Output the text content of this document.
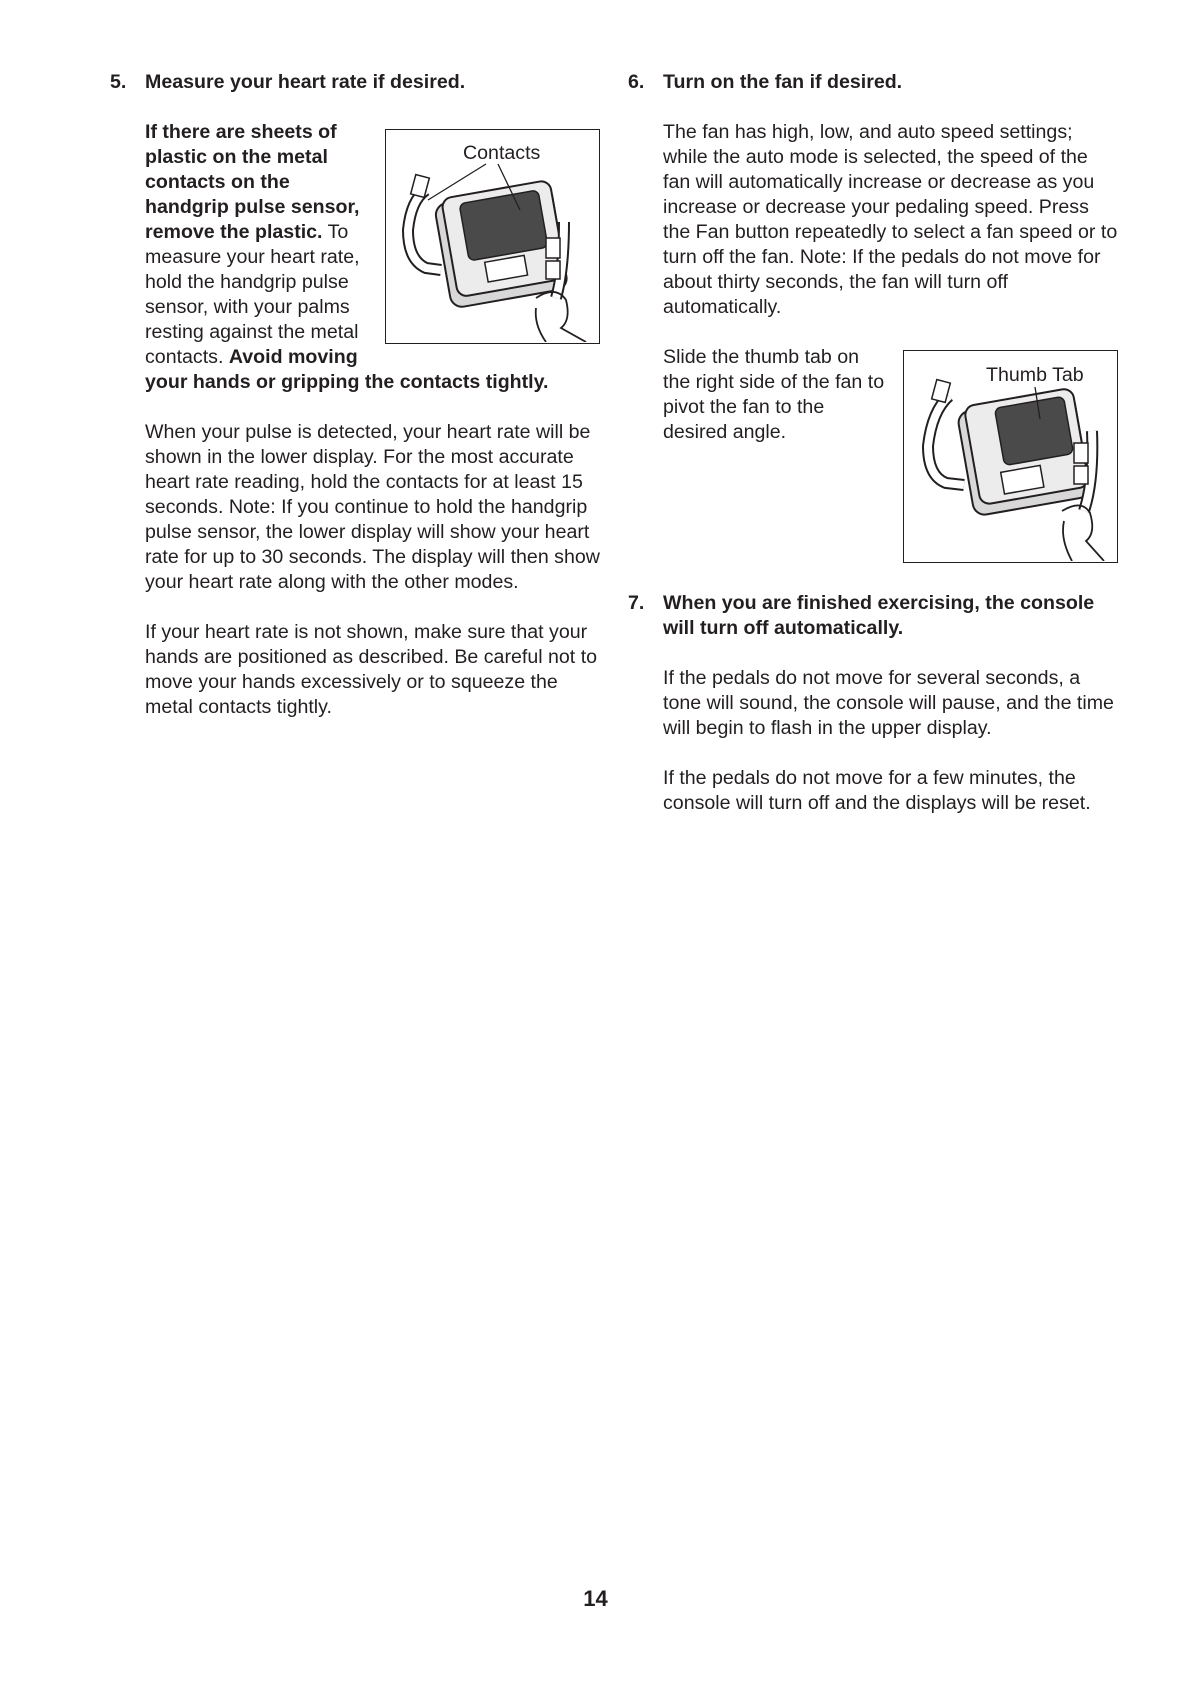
5. Measure your heart rate if desired.
Contacts

If there are sheets of plastic on the metal contacts on the handgrip pulse sensor, remove the plastic. To measure your heart rate, hold the handgrip pulse sensor, with your palms resting against the metal contacts. Avoid moving your hands or gripping the contacts tightly.

When your pulse is detected, your heart rate will be shown in the lower display. For the most accurate heart rate reading, hold the contacts for at least 15 seconds. Note: If you continue to hold the handgrip pulse sensor, the lower display will show your heart rate for up to 30 seconds. The display will then show your heart rate along with the other modes.

If your heart rate is not shown, make sure that your hands are positioned as described. Be careful not to move your hands excessively or to squeeze the metal contacts tightly.

6. Turn on the fan if desired.

The fan has high, low, and auto speed settings; while the auto mode is selected, the speed of the fan will automatically increase or decrease as you increase or decrease your pedaling speed. Press the Fan button repeatedly to select a fan speed or to turn off the fan. Note: If the pedals do not move for about thirty seconds, the fan will turn off automatically.

Thumb Tab

Slide the thumb tab on the right side of the fan to pivot the fan to the desired angle.

7. When you are finished exercising, the console will turn off automatically.

If the pedals do not move for several seconds, a tone will sound, the console will pause, and the time will begin to flash in the upper display.

If the pedals do not move for a few minutes, the console will turn off and the displays will be reset.

14
